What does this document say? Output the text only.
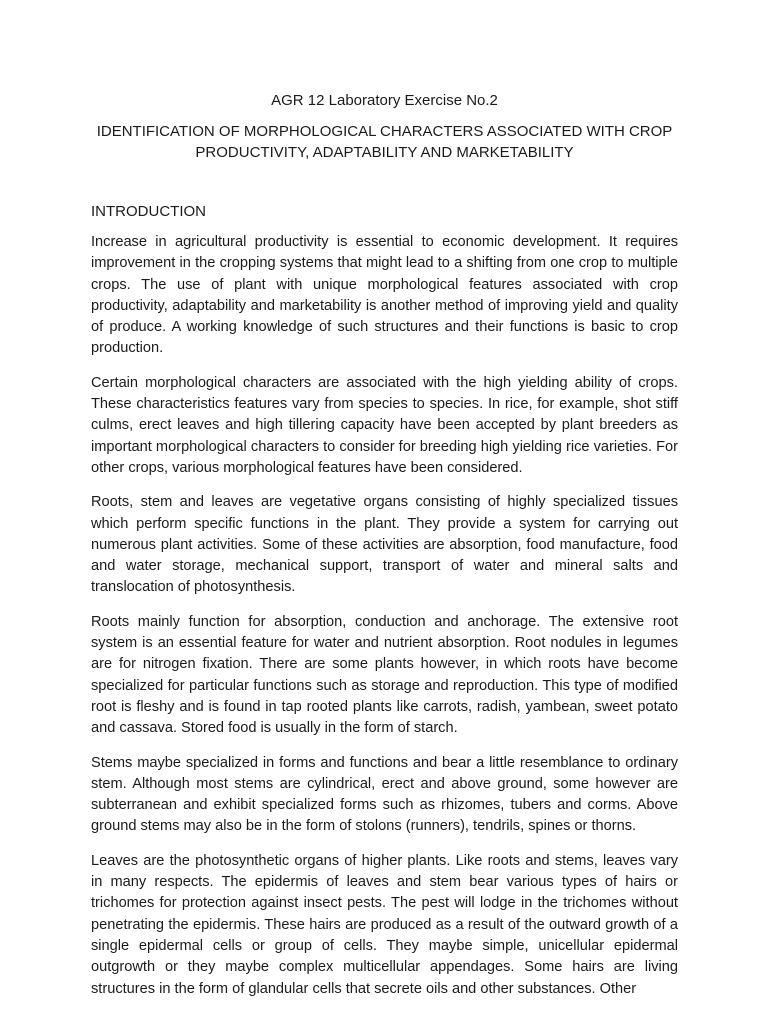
AGR 12 Laboratory Exercise No.2
IDENTIFICATION OF MORPHOLOGICAL CHARACTERS ASSOCIATED WITH CROP
PRODUCTIVITY, ADAPTABILITY AND MARKETABILITY
INTRODUCTION

Increase in agricultural productivity is essential to economic development. It requires improvement in the cropping systems that might lead to a shifting from one crop to multiple crops. The use of plant with unique morphological features associated with crop productivity, adaptability and marketability is another method of improving yield and quality of produce. A working knowledge of such structures and their functions is basic to crop production.

Certain morphological characters are associated with the high yielding ability of crops. These characteristics features vary from species to species. In rice, for example, shot stiff culms, erect leaves and high tillering capacity have been accepted by plant breeders as important morphological characters to consider for breeding high yielding rice varieties. For other crops, various morphological features have been considered.

Roots, stem and leaves are vegetative organs consisting of highly specialized tissues which perform specific functions in the plant. They provide a system for carrying out numerous plant activities. Some of these activities are absorption, food manufacture, food and water storage, mechanical support, transport of water and mineral salts and translocation of photosynthesis.

Roots mainly function for absorption, conduction and anchorage. The extensive root system is an essential feature for water and nutrient absorption. Root nodules in legumes are for nitrogen fixation. There are some plants however, in which roots have become specialized for particular functions such as storage and reproduction. This type of modified root is fleshy and is found in tap rooted plants like carrots, radish, yambean, sweet potato and cassava. Stored food is usually in the form of starch.

Stems maybe specialized in forms and functions and bear a little resemblance to ordinary stem. Although most stems are cylindrical, erect and above ground, some however are subterranean and exhibit specialized forms such as rhizomes, tubers and corms. Above ground stems may also be in the form of stolons (runners), tendrils, spines or thorns.

Leaves are the photosynthetic organs of higher plants. Like roots and stems, leaves vary in many respects. The epidermis of leaves and stem bear various types of hairs or trichomes for protection against insect pests. The pest will lodge in the trichomes without penetrating the epidermis. These hairs are produced as a result of the outward growth of a single epidermal cells or group of cells. They maybe simple, unicellular epidermal outgrowth or they maybe complex multicellular appendages. Some hairs are living structures in the form of glandular cells that secrete oils and other substances. Other
